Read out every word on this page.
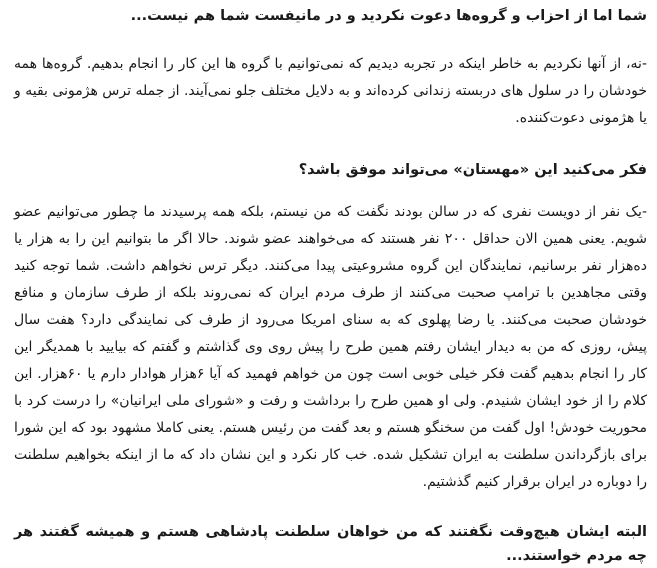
شما اما از احزاب و گروه‌ها دعوت نکردید و در مانیفست شما هم نیست...

-نه، از آنها نکردیم به خاطر اینکه در تجربه دیدیم که نمی‌توانیم با گروه ها این کار را انجام بدهیم. گروه‌ها همه خودشان را در سلول های دربسته زندانی کرده‌اند و به دلایل مختلف جلو نمی‌آیند. از جمله ترس هژمونی بقیه و یا هژمونی دعوت‌کننده.

فکر می‌کنید این «مهستان» می‌تواند موفق باشد؟

-یک نفر از دویست نفری که در سالن بودند نگفت که من نیستم، بلکه همه پرسیدند ما چطور می‌توانیم عضو شویم. یعنی همین الان حداقل ۲۰۰ نفر هستند که می‌خواهند عضو شوند. حالا اگر ما بتوانیم این را به هزار یا ده‌هزار نفر برسانیم، نمایندگان این گروه مشروعیتی پیدا می‌کنند. دیگر ترس نخواهم داشت. شما توجه کنید وقتی مجاهدین با ترامپ صحبت می‌کنند از طرف مردم ایران که نمی‌روند بلکه از طرف سازمان و منافع خودشان صحبت می‌کنند. یا رضا پهلوی که به سنای امریکا می‌رود از طرف کی نمایندگی دارد؟ هفت سال پیش، روزی که من به دیدار ایشان رفتم همین طرح را پیش روی وی گذاشتم و گفتم که بیایید با همدیگر این کار را انجام بدهیم گفت فکر خیلی خوبی است چون من خواهم فهمید که آیا ۶هزار هوادار دارم یا ۶۰هزار. این کلام را از خود ایشان شنیدم. ولی او همین طرح را برداشت و رفت و «شورای ملی ایرانیان» را درست کرد با محوریت خودش! اول گفت من سخنگو هستم و بعد گفت من رئیس هستم. یعنی کاملا مشهود بود که این شورا برای بازگرداندن سلطنت به ایران تشکیل شده. خب کار نکرد و این نشان داد که ما از اینکه بخواهیم سلطنت را دوباره در ایران برقرار کنیم گذشتیم.

البته ایشان هیچ‌وقت نگفتند که من خواهان سلطنت پادشاهی هستم و همیشه گفتند هر چه مردم خواستند...
